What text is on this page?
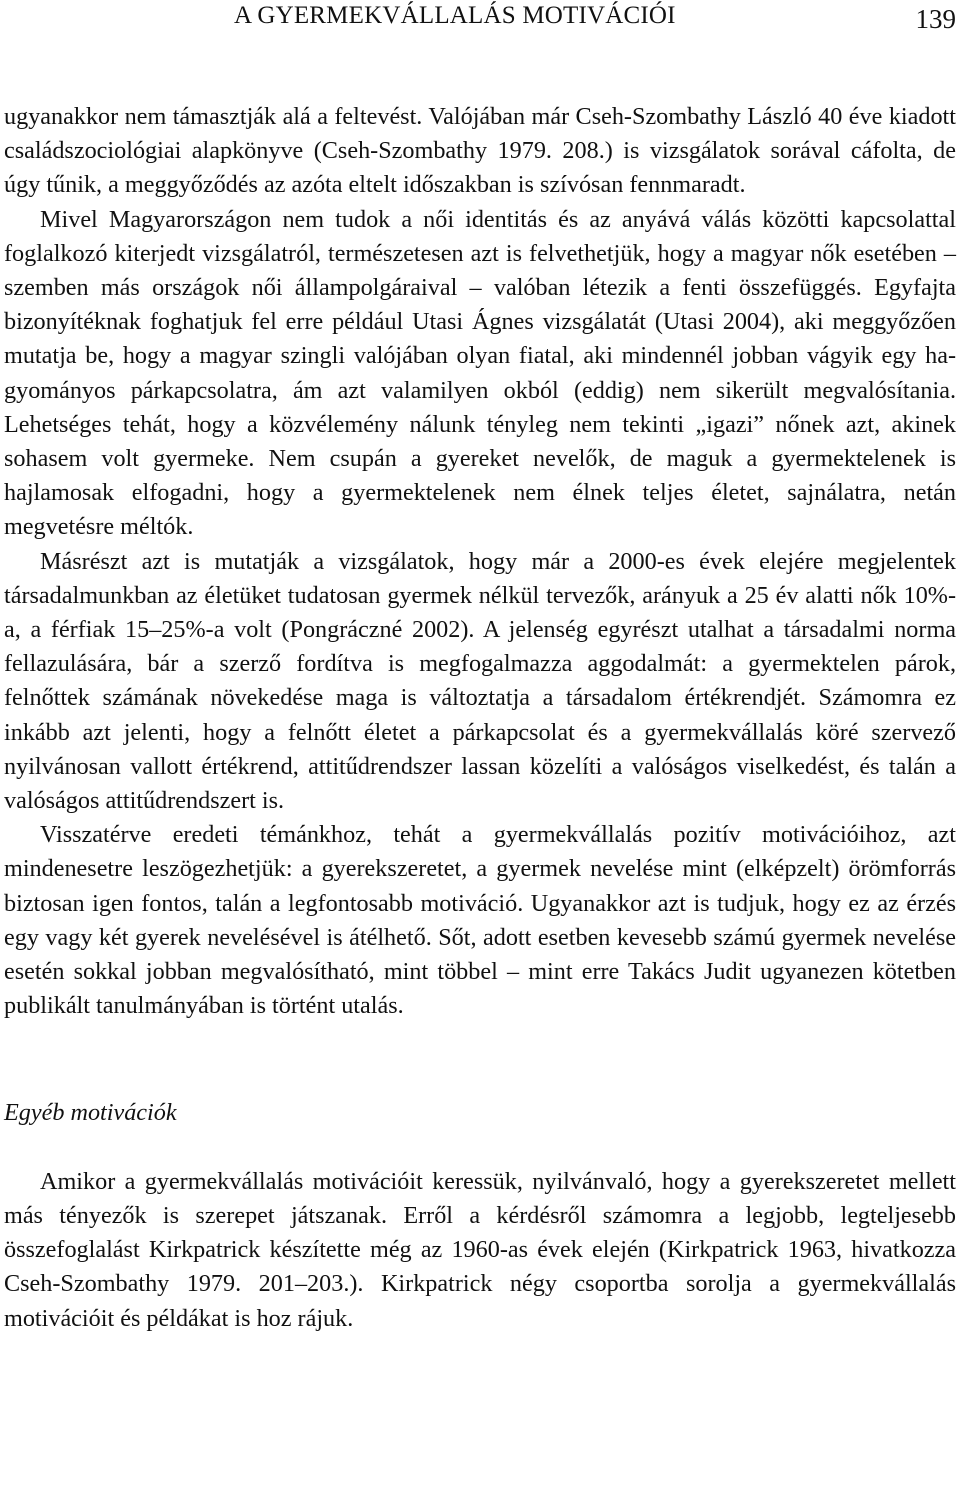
A GYERMEKVÁLLALÁS MOTIVÁCIÓI	139

ugyanakkor nem támasztják alá a feltevést. Valójában már Cseh-Szombathy László 40 éve kiadott családszociológiai alapkönyve (Cseh-Szombathy 1979. 208.) is vizsgálatok sorával cáfolta, de úgy tűnik, a meggyőződés az azóta eltelt időszakban is szívósan fennmaradt.

Mivel Magyarországon nem tudok a női identitás és az anyává válás közötti kapcsolattal foglalkozó kiterjedt vizsgálatról, természetesen azt is felvethetjük, hogy a magyar nők esetében – szemben más országok női állampolgáraival – valóban létezik a fenti összefüggés. Egyfajta bizonyítéknak foghatjuk fel erre például Utasi Ágnes vizsgálatát (Utasi 2004), aki meggyőzően mutatja be, hogy a magyar szingli valójában olyan fiatal, aki mindennél jobban vágyik egy hagyományos párkapcsolatra, ám azt valamilyen okból (eddig) nem sikerült megvalósítania. Lehetséges tehát, hogy a közvélemény nálunk tényleg nem tekinti „igazi” nőnek azt, akinek sohasem volt gyermeke. Nem csupán a gyereket nevelők, de maguk a gyermektelenek is hajlamosak elfogadni, hogy a gyermektelenek nem élnek teljes életet, sajnálatra, netán megvetésre méltók.

Másrészt azt is mutatják a vizsgálatok, hogy már a 2000-es évek elejére megjelentek társadalmunkban az életüket tudatosan gyermek nélkül tervezők, arányuk a 25 év alatti nők 10%-a, a férfiak 15–25%-a volt (Pongráczné 2002). A jelenség egyrészt utalhat a társadalmi norma fellazulására, bár a szerző fordítva is megfogalmazza aggodalmát: a gyermektelen párok, felnőttek számának növekedése maga is változtatja a társadalom értékrendjét. Számomra ez inkább azt jelenti, hogy a felnőtt életet a párkapcsolat és a gyermekvállalás köré szervező nyilvánosan vallott értékrend, attitűdrendszer lassan közelíti a valóságos viselkedést, és talán a valóságos attitűdrendszert is.

Visszatérve eredeti témánkhoz, tehát a gyermekvállalás pozitív motivációihoz, azt mindenesetre leszögezhetjük: a gyerekszeretet, a gyermek nevelése mint (elképzelt) örömforrás biztosan igen fontos, talán a legfontosabb motiváció. Ugyanakkor azt is tudjuk, hogy ez az érzés egy vagy két gyerek nevelésével is átélhető. Sőt, adott esetben kevesebb számú gyermek nevelése esetén sokkal jobban megvalósítható, mint többel – mint erre Takács Judit ugyanezen kötetben publikált tanulmányában is történt utalás.

Egyéb motivációk

Amikor a gyermekvállalás motivációit keressük, nyilvánvaló, hogy a gyerekszeretet mellett más tényezők is szerepet játszanak. Erről a kérdésről számomra a legjobb, legteljesebb összefoglalást Kirkpatrick készítette még az 1960-as évek elején (Kirkpatrick 1963, hivatkozza Cseh-Szombathy 1979. 201–203.). Kirkpatrick négy csoportba sorolja a gyermekvállalás motivációit és példákat is hoz rájuk.
